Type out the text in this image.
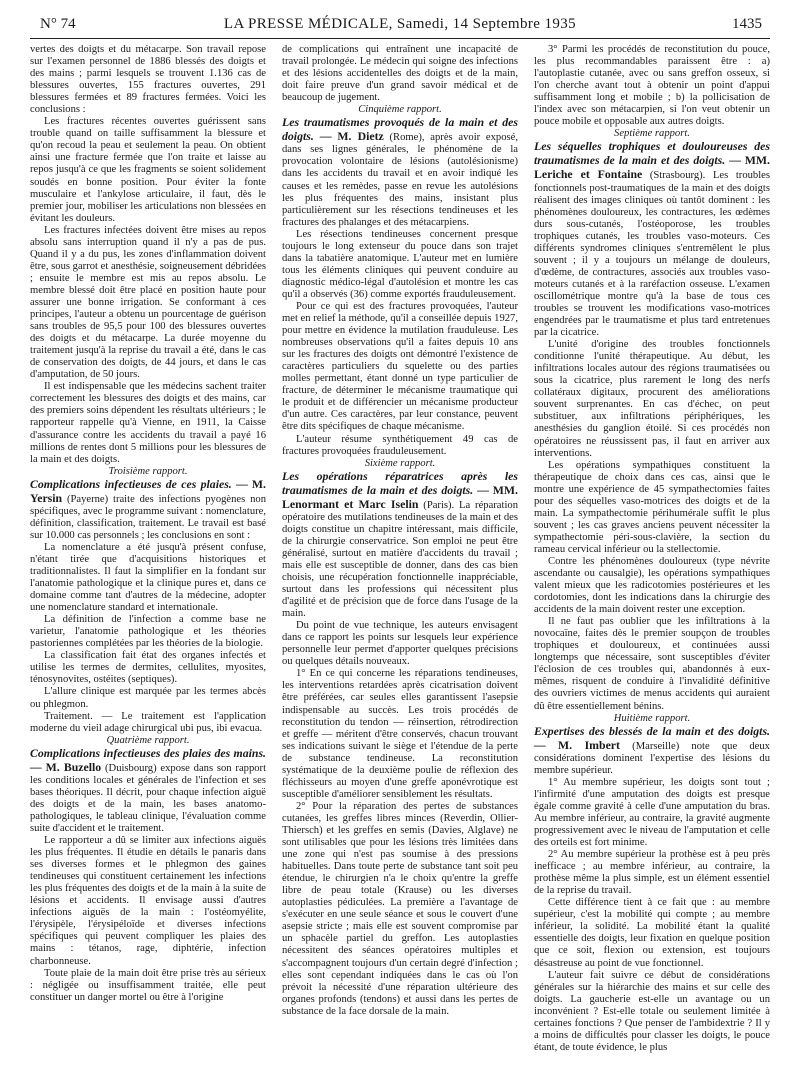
N° 74	LA PRESSE MÉDICALE, Samedi, 14 Septembre 1935	1435

vertes des doigts et du métacarpe. Son travail repose sur l'examen personnel de 1886 blessés des doigts et des mains ; parmi lesquels se trouvent 1.136 cas de blessures ouvertes, 155 fractures ouvertes, 291 blessures fermées et 89 fractures fermées. Voici les conclusions :

Les fractures récentes ouvertes guérissent sans trouble quand on taille suffisamment la blessure et qu'on recoud la peau et seulement la peau. On obtient ainsi une fracture fermée que l'on traite et laisse au repos jusqu'à ce que les fragments se soient solidement soudés en bonne position. Pour éviter la fonte musculaire et l'ankylose articulaire, il faut, dès le premier jour, mobiliser les articulations non blessées en évitant les douleurs.

Les fractures infectées doivent être mises au repos absolu sans interruption quand il n'y a pas de pus. Quand il y a du pus, les zones d'inflammation doivent être, sous garrot et anesthésie, soigneusement débridées ; ensuite le membre est mis au repos absolu. Le membre blessé doit être placé en position haute pour assurer une bonne irrigation. Se conformant à ces principes, l'auteur a obtenu un pourcentage de guérison sans troubles de 95,5 pour 100 des blessures ouvertes des doigts et du métacarpe. La durée moyenne du traitement jusqu'à la reprise du travail a été, dans le cas de conservation des doigts, de 44 jours, et dans le cas d'amputation, de 50 jours.

Il est indispensable que les médecins sachent traiter correctement les blessures des doigts et des mains, car des premiers soins dépendent les résultats ultérieurs ; le rapporteur rappelle qu'à Vienne, en 1911, la Caisse d'assurance contre les accidents du travail a payé 16 millions de rentes dont 5 millions pour les blessures de la main et des doigts.

Troisième rapport.

Complications infectieuses de ces plaies. — M. Yersin (Payerne) traite des infections pyogènes non spécifiques, avec le programme suivant : nomenclature, définition, classification, traitement. Le travail est basé sur 10.000 cas personnels ; les conclusions en sont :

La nomenclature a été jusqu'à présent confuse, n'étant tirée que d'acquisitions historiques et traditionnalistes. Il faut la simplifier en la fondant sur l'anatomie pathologique et la clinique pures et, dans ce domaine comme tant d'autres de la médecine, adopter une nomenclature standard et internationale.

La définition de l'infection a comme base ne varietur, l'anatomie pathologique et les théories pastoriennes complétées par les théories de la biologie.

La classification fait état des organes infectés et utilise les termes de dermites, cellulites, myosites, ténosynovites, ostéites (septiques).

L'allure clinique est marquée par les termes abcès ou phlegmon.

Traitement. — Le traitement est l'application moderne du vieil adage chirurgical ubi pus, ibi evacua.

Quatrième rapport.

Complications infectieuses des plaies des mains. — M. Buzello (Duisbourg) expose dans son rapport les conditions locales et générales de l'infection et ses bases théoriques. Il décrit, pour chaque infection aiguë des doigts et de la main, les bases anatomo-pathologiques, le tableau clinique, l'évaluation comme suite d'accident et le traitement.

Le rapporteur a dû se limiter aux infections aiguës les plus fréquentes. Il étudie en détails le panaris dans ses diverses formes et le phlegmon des gaines tendineuses qui constituent certainement les infections les plus fréquentes des doigts et de la main à la suite de lésions et accidents. Il envisage aussi d'autres infections aiguës de la main : l'ostéomyélite, l'érysipèle, l'érysipéloïde et diverses infections spécifiques qui peuvent compliquer les plaies des mains : tétanos, rage, diphtérie, infection charbonneuse.

Toute plaie de la main doit être prise très au sérieux : négligée ou insuffisamment traitée, elle peut constituer un danger mortel ou être à l'origine

de complications qui entraînent une incapacité de travail prolongée. Le médecin qui soigne des infections et des lésions accidentelles des doigts et de la main, doit faire preuve d'un grand savoir médical et de beaucoup de jugement.

Cinquième rapport.

Les traumatismes provoqués de la main et des doigts. — M. Dietz (Rome), après avoir exposé, dans ses lignes générales, le phénomène de la provocation volontaire de lésions (autolésionisme) dans les accidents du travail et en avoir indiqué les causes et les remèdes, passe en revue les autolésions les plus fréquentes des mains, insistant plus particulièrement sur les résections tendineuses et les fractures des phalanges et des métacarpiens.

Les résections tendineuses concernent presque toujours le long extenseur du pouce dans son trajet dans la tabatière anatomique. L'auteur met en lumière tous les éléments cliniques qui peuvent conduire au diagnostic médico-légal d'autolésion et montre les cas qu'il a observés (36) comme exportés frauduleusement.

Pour ce qui est des fractures provoquées, l'auteur met en relief la méthode, qu'il a conseillée depuis 1927, pour mettre en évidence la mutilation frauduleuse. Les nombreuses observations qu'il a faites depuis 10 ans sur les fractures des doigts ont démontré l'existence de caractères particuliers du squelette ou des parties molles permettant, étant donné un type particulier de fracture, de déterminer le mécanisme traumatique qui le produit et de différencier un mécanisme producteur d'un autre. Ces caractères, par leur constance, peuvent être dits spécifiques de chaque mécanisme.

L'auteur résume synthétiquement 49 cas de fractures provoquées frauduleusement.

Sixième rapport.

Les opérations réparatrices après les traumatismes de la main et des doigts. — MM. Lenormant et Marc Iselin (Paris). La réparation opératoire des mutilations tendineuses de la main et des doigts constitue un chapitre intéressant, mais difficile, de la chirurgie conservatrice. Son emploi ne peut être généralisé, surtout en matière d'accidents du travail ; mais elle est susceptible de donner, dans des cas bien choisis, une récupération fonctionnelle inappréciable, surtout dans les professions qui nécessitent plus d'agilité et de précision que de force dans l'usage de la main.

Du point de vue technique, les auteurs envisagent dans ce rapport les points sur lesquels leur expérience personnelle leur permet d'apporter quelques précisions ou quelques détails nouveaux.

1° En ce qui concerne les réparations tendineuses, les interventions retardées après cicatrisation doivent être préférées, car seules elles garantissent l'asepsie indispensable au succès. Les trois procédés de reconstitution du tendon — réinsertion, rétrodirection et greffe — méritent d'être conservés, chacun trouvant ses indications suivant le siège et l'étendue de la perte de substance tendineuse. La reconstitution systématique de la deuxième poulie de réflexion des fléchisseurs au moyen d'une greffe aponévrotique est susceptible d'améliorer sensiblement les résultats.

2° Pour la réparation des pertes de substances cutanées, les greffes libres minces (Reverdin, Ollier-Thiersch) et les greffes en semis (Davies, Alglave) ne sont utilisables que pour les lésions très limitées dans une zone qui n'est pas soumise à des pressions habituelles. Dans toute perte de substance tant soit peu étendue, le chirurgien n'a le choix qu'entre la greffe libre de peau totale (Krause) ou les diverses autoplasties pédiculées. La première a l'avantage de s'exécuter en une seule séance et sous le couvert d'une asepsie stricte ; mais elle est souvent compromise par un sphacèle partiel du greffon. Les autoplasties nécessitent des séances opératoires multiples et s'accompagnent toujours d'un certain degré d'infection ; elles sont cependant indiquées dans le cas où l'on prévoit la nécessité d'une réparation ultérieure des organes profonds (tendons) et aussi dans les pertes de substance de la face dorsale de la main.

3° Parmi les procédés de reconstitution du pouce, les plus recommandables paraissent être : a) l'autoplastie cutanée, avec ou sans greffon osseux, si l'on cherche avant tout à obtenir un point d'appui suffisamment long et mobile ; b) la pollicisation de l'index avec son métacarpien, si l'on veut obtenir un pouce mobile et opposable aux autres doigts.

Septième rapport.

Les séquelles trophiques et douloureuses des traumatismes de la main et des doigts. — MM. Leriche et Fontaine (Strasbourg). Les troubles fonctionnels post-traumatiques de la main et des doigts réalisent des images cliniques où tantôt dominent : les phénomènes douloureux, les contractures, les œdèmes durs sous-cutanés, l'ostéoporose, les troubles trophiques cutanés, les troubles vaso-moteurs. Ces différents syndromes cliniques s'entremêlent le plus souvent ; il y a toujours un mélange de douleurs, d'œdème, de contractures, associés aux troubles vaso-moteurs cutanés et à la raréfaction osseuse. L'examen oscillométrique montre qu'à la base de tous ces troubles se trouvent les modifications vaso-motrices engendrées par le traumatisme et plus tard entretenues par la cicatrice.

L'unité d'origine des troubles fonctionnels conditionne l'unité thérapeutique. Au début, les infiltrations locales autour des régions traumatisées ou sous la cicatrice, plus rarement le long des nerfs collatéraux digitaux, procurent des améliorations souvent surprenantes. En cas d'échec, on peut substituer, aux infiltrations périphériques, les anesthésies du ganglion étoilé. Si ces procédés non opératoires ne réussissent pas, il faut en arriver aux interventions.

Les opérations sympathiques constituent la thérapeutique de choix dans ces cas, ainsi que le montre une expérience de 45 sympathectomies faites pour des séquelles vaso-motrices des doigts et de la main. La sympathectomie périhumérale suffit le plus souvent ; les cas graves anciens peuvent nécessiter la sympathectomie péri-sous-clavière, la section du rameau cervical inférieur ou la stellectomie.

Contre les phénomènes douloureux (type névrite ascendante ou causalgie), les opérations sympathiques valent mieux que les radicotomies postérieures et les cordotomies, dont les indications dans la chirurgie des accidents de la main doivent rester une exception.

Il ne faut pas oublier que les infiltrations à la novocaïne, faites dès le premier soupçon de troubles trophiques et douloureux, et continuées aussi longtemps que nécessaire, sont susceptibles d'éviter l'éclosion de ces troubles qui, abandonnés à eux-mêmes, risquent de conduire à l'invalidité définitive des ouvriers victimes de menus accidents qui auraient dû être essentiellement bénins.

Huitième rapport.

Expertises des blessés de la main et des doigts. — M. Imbert (Marseille) note que deux considérations dominent l'expertise des lésions du membre supérieur.

1° Au membre supérieur, les doigts sont tout ; l'infirmité d'une amputation des doigts est presque égale comme gravité à celle d'une amputation du bras. Au membre inférieur, au contraire, la gravité augmente progressivement avec le niveau de l'amputation et celle des orteils est fort minime.

2° Au membre supérieur la prothèse est à peu près inefficace ; au membre inférieur, au contraire, la prothèse même la plus simple, est un élément essentiel de la reprise du travail.

Cette différence tient à ce fait que : au membre supérieur, c'est la mobilité qui compte ; au membre inférieur, la solidité. La mobilité étant la qualité essentielle des doigts, leur fixation en quelque position que ce soit, flexion ou extension, est toujours désastreuse au point de vue fonctionnel.

L'auteur fait suivre ce début de considérations générales sur la hiérarchie des mains et sur celle des doigts. La gaucherie est-elle un avantage ou un inconvénient ? Est-elle totale ou seulement limitée à certaines fonctions ? Que penser de l'ambidextrie ? Il y a moins de difficultés pour classer les doigts, le pouce étant, de toute évidence, le plus
